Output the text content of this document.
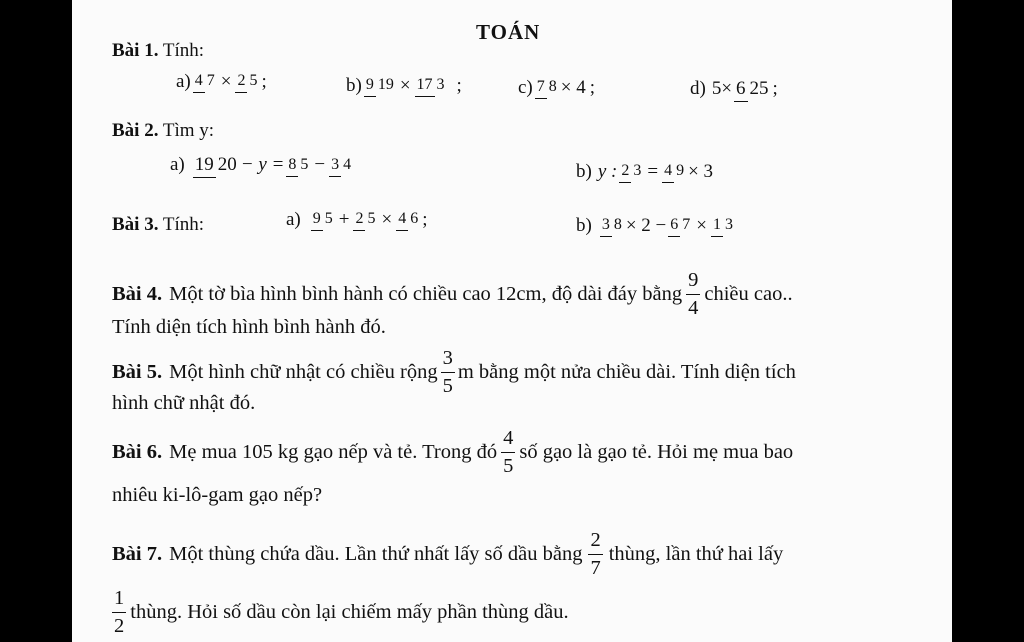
TOÁN
Bài 1. Tính:
a) 4 7 × 2 5 ;	b) 9 19 × 17 3 ;	c) 7 8 × 4 ;	d) 5× 6 25 ;
Bài 2. Tìm y:
a) 19 20 − y = 8 5 − 3 4	b) y : 2 3 = 4 9 × 3
Bài 3. Tính:	a) 9 5 + 2 5 × 4 6 ;	b) 3 8 × 2 − 6 7 × 1 3
Bài 4. Một tờ bìa hình bình hành có chiều cao 12cm, độ dài đáy bằng $\frac{9}{4}$ chiều cao..
Tính diện tích hình bình hành đó.
Bài 5. Một hình chữ nhật có chiều rộng $\frac{3}{5}$ m bằng một nửa chiều dài. Tính diện tích
hình chữ nhật đó.
Bài 6. Mẹ mua 105 kg gạo nếp và tẻ. Trong đó $\frac{4}{5}$ số gạo là gạo tẻ. Hỏi mẹ mua bao
nhiêu ki-lô-gam gạo nếp?
Bài 7. Một thùng chứa dầu. Lần thứ nhất lấy số dầu bằng $\frac{2}{7}$ thùng, lần thứ hai lấy
$\frac{1}{2}$ thùng. Hỏi số dầu còn lại chiếm mấy phần thùng dầu.
